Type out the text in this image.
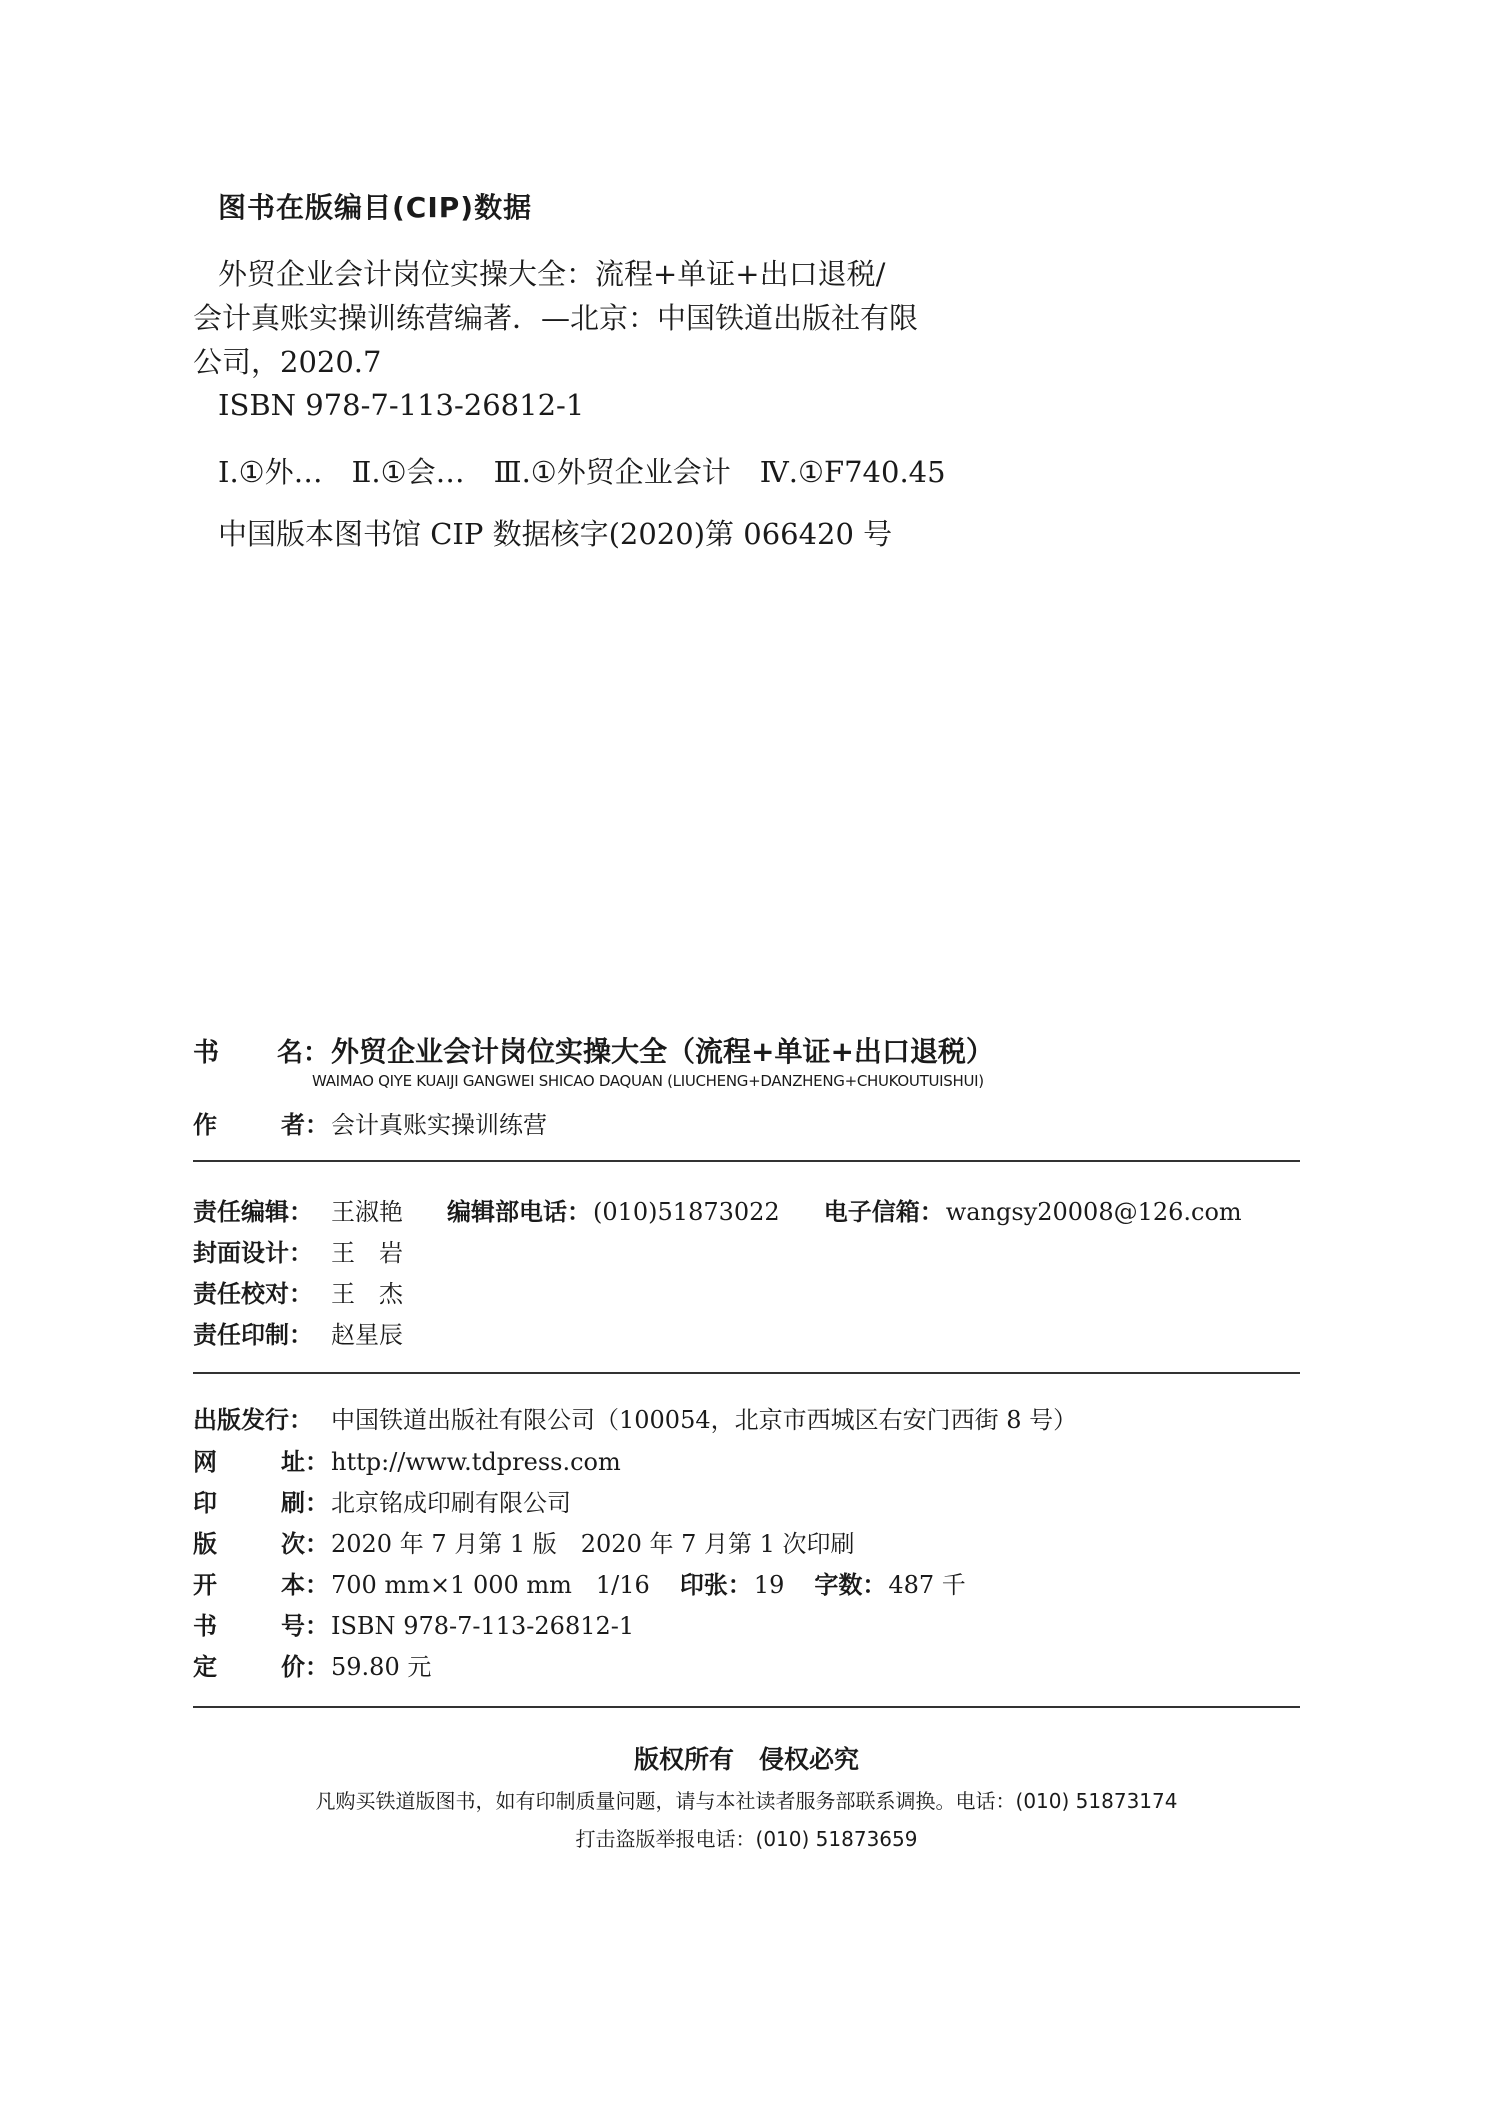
图书在版编目(CIP)数据
外贸企业会计岗位实操大全：流程+单证+出口退税/
会计真账实操训练营编著．—北京：中国铁道出版社有限
公司，2020.7
ISBN 978-7-113-26812-1
Ⅰ.①外…　Ⅱ.①会…　Ⅲ.①外贸企业会计　Ⅳ.①F740.45
中国版本图书馆 CIP 数据核字(2020)第 066420 号
书 名： 外贸企业会计岗位实操大全（流程+单证+出口退税）
WAIMAO QIYE KUAIJI GANGWEI SHICAO DAQUAN (LIUCHENG+DANZHENG+CHUKOUTUISHUI)
作	者： 会计真账实操训练营
责任编辑： 王淑艳 编辑部电话： (010)51873022 电子信箱： wangsy20008@126.com
封面设计： 王　岩
责任校对： 王　杰
责任印制： 赵星辰
出版发行： 中国铁道出版社有限公司（100054，北京市西城区右安门西街 8 号）
网	址： http://www.tdpress.com
印	刷： 北京铭成印刷有限公司
版	次： 2020 年 7 月第 1 版　2020 年 7 月第 1 次印刷
开	本： 700 mm×1 000 mm　1/16 印张： 19 字数： 487 千
书	号： ISBN 978-7-113-26812-1
定	价： 59.80 元
版权所有　侵权必究
凡购买铁道版图书，如有印制质量问题，请与本社读者服务部联系调换。电话：(010) 51873174
打击盗版举报电话：(010) 51873659
